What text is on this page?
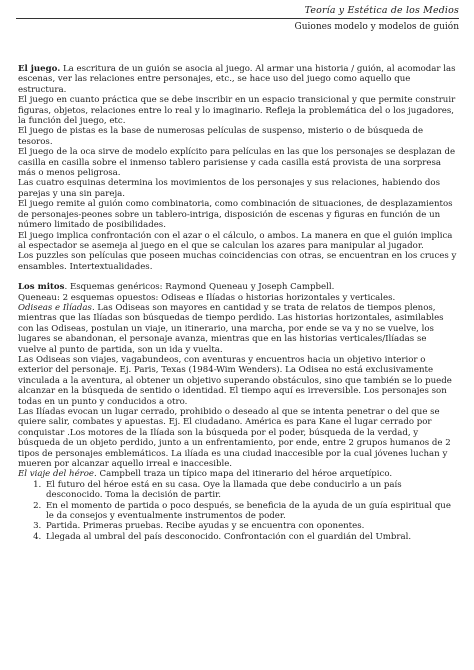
Teoría y Estética de los Medios
Guiones modelo y modelos de guión

El juego. La escritura de un guión se asocia al juego. Al armar una historia / guión, al acomodar las escenas, ver las relaciones entre personajes, etc., se hace uso del juego como aquello que estructura.

El juego en cuanto práctica que se debe inscribir en un espacio transicional y que permite construir figuras, objetos, relaciones entre lo real y lo imaginario. Refleja la problemática del o los jugadores, la función del juego, etc.

El juego de pistas es la base de numerosas películas de suspenso, misterio o de búsqueda de tesoros.

El juego de la oca sirve de modelo explícito para películas en las que los personajes se desplazan de casilla en casilla sobre el inmenso tablero parisiense y cada casilla está provista de una sorpresa más o menos peligrosa.

Las cuatro esquinas determina los movimientos de los personajes y sus relaciones, habiendo dos parejas y una sin pareja.

El juego remite al guión como combinatoria, como combinación de situaciones, de desplazamientos de personajes-peones sobre un tablero-intriga, disposición de escenas y figuras en función de un número limitado de posibilidades.

El juego implica confrontación con el azar o el cálculo, o ambos. La manera en que el guión implica al espectador se asemeja al juego en el que se calculan los azares para manipular al jugador.

Los puzzles son películas que poseen muchas coincidencias con otras, se encuentran en los cruces y ensambles. Intertextualidades.

Los mitos. Esquemas genéricos: Raymond Queneau y Joseph Campbell.

Queneau: 2 esquemas opuestos: Odiseas e Ilíadas o historias horizontales y verticales.

Odiseas e Ilíadas. Las Odiseas son mayores en cantidad y se trata de relatos de tiempos plenos, mientras que las Ilíadas son búsquedas de tiempo perdido. Las historias horizontales, asimilables con las Odiseas, postulan un viaje, un itinerario, una marcha, por ende se va y no se vuelve, los lugares se abandonan, el personaje avanza, mientras que en las historias verticales/Ilíadas se vuelve al punto de partida, son un ida y vuelta.

Las Odiseas son viajes, vagabundeos, con aventuras y encuentros hacia un objetivo interior o exterior del personaje. Ej. Paris, Texas (1984-Wim Wenders). La Odisea no está exclusivamente vinculada a la aventura, al obtener un objetivo superando obstáculos, sino que también se lo puede alcanzar en la búsqueda de sentido o identidad. El tiempo aquí es irreversible. Los personajes son todas en un punto y conducidos a otro.

Las Ilíadas evocan un lugar cerrado, prohibido o deseado al que se intenta penetrar o del que se quiere salir, combates y apuestas. Ej. El ciudadano. América es para Kane el lugar cerrado por conquistar .Los motores de la Ilíada son la búsqueda por el poder, búsqueda de la verdad, y búsqueda de un objeto perdido, junto a un enfrentamiento, por ende, entre 2 grupos humanos de 2 tipos de personajes emblemáticos. La ilíada es una ciudad inaccesible por la cual jóvenes luchan y mueren por alcanzar aquello irreal e inaccesible.

El viaje del héroe. Campbell traza un típico mapa del itinerario del héroe arquetípico.

1. El futuro del héroe está en su casa. Oye la llamada que debe conducirlo a un país desconocido. Toma la decisión de partir.
2. En el momento de partida o poco después, se beneficia de la ayuda de un guía espiritual que le da consejos y eventualmente instrumentos de poder.
3. Partida. Primeras pruebas. Recibe ayudas y se encuentra con oponentes.
4. Llegada al umbral del país desconocido. Confrontación con el guardián del Umbral.
